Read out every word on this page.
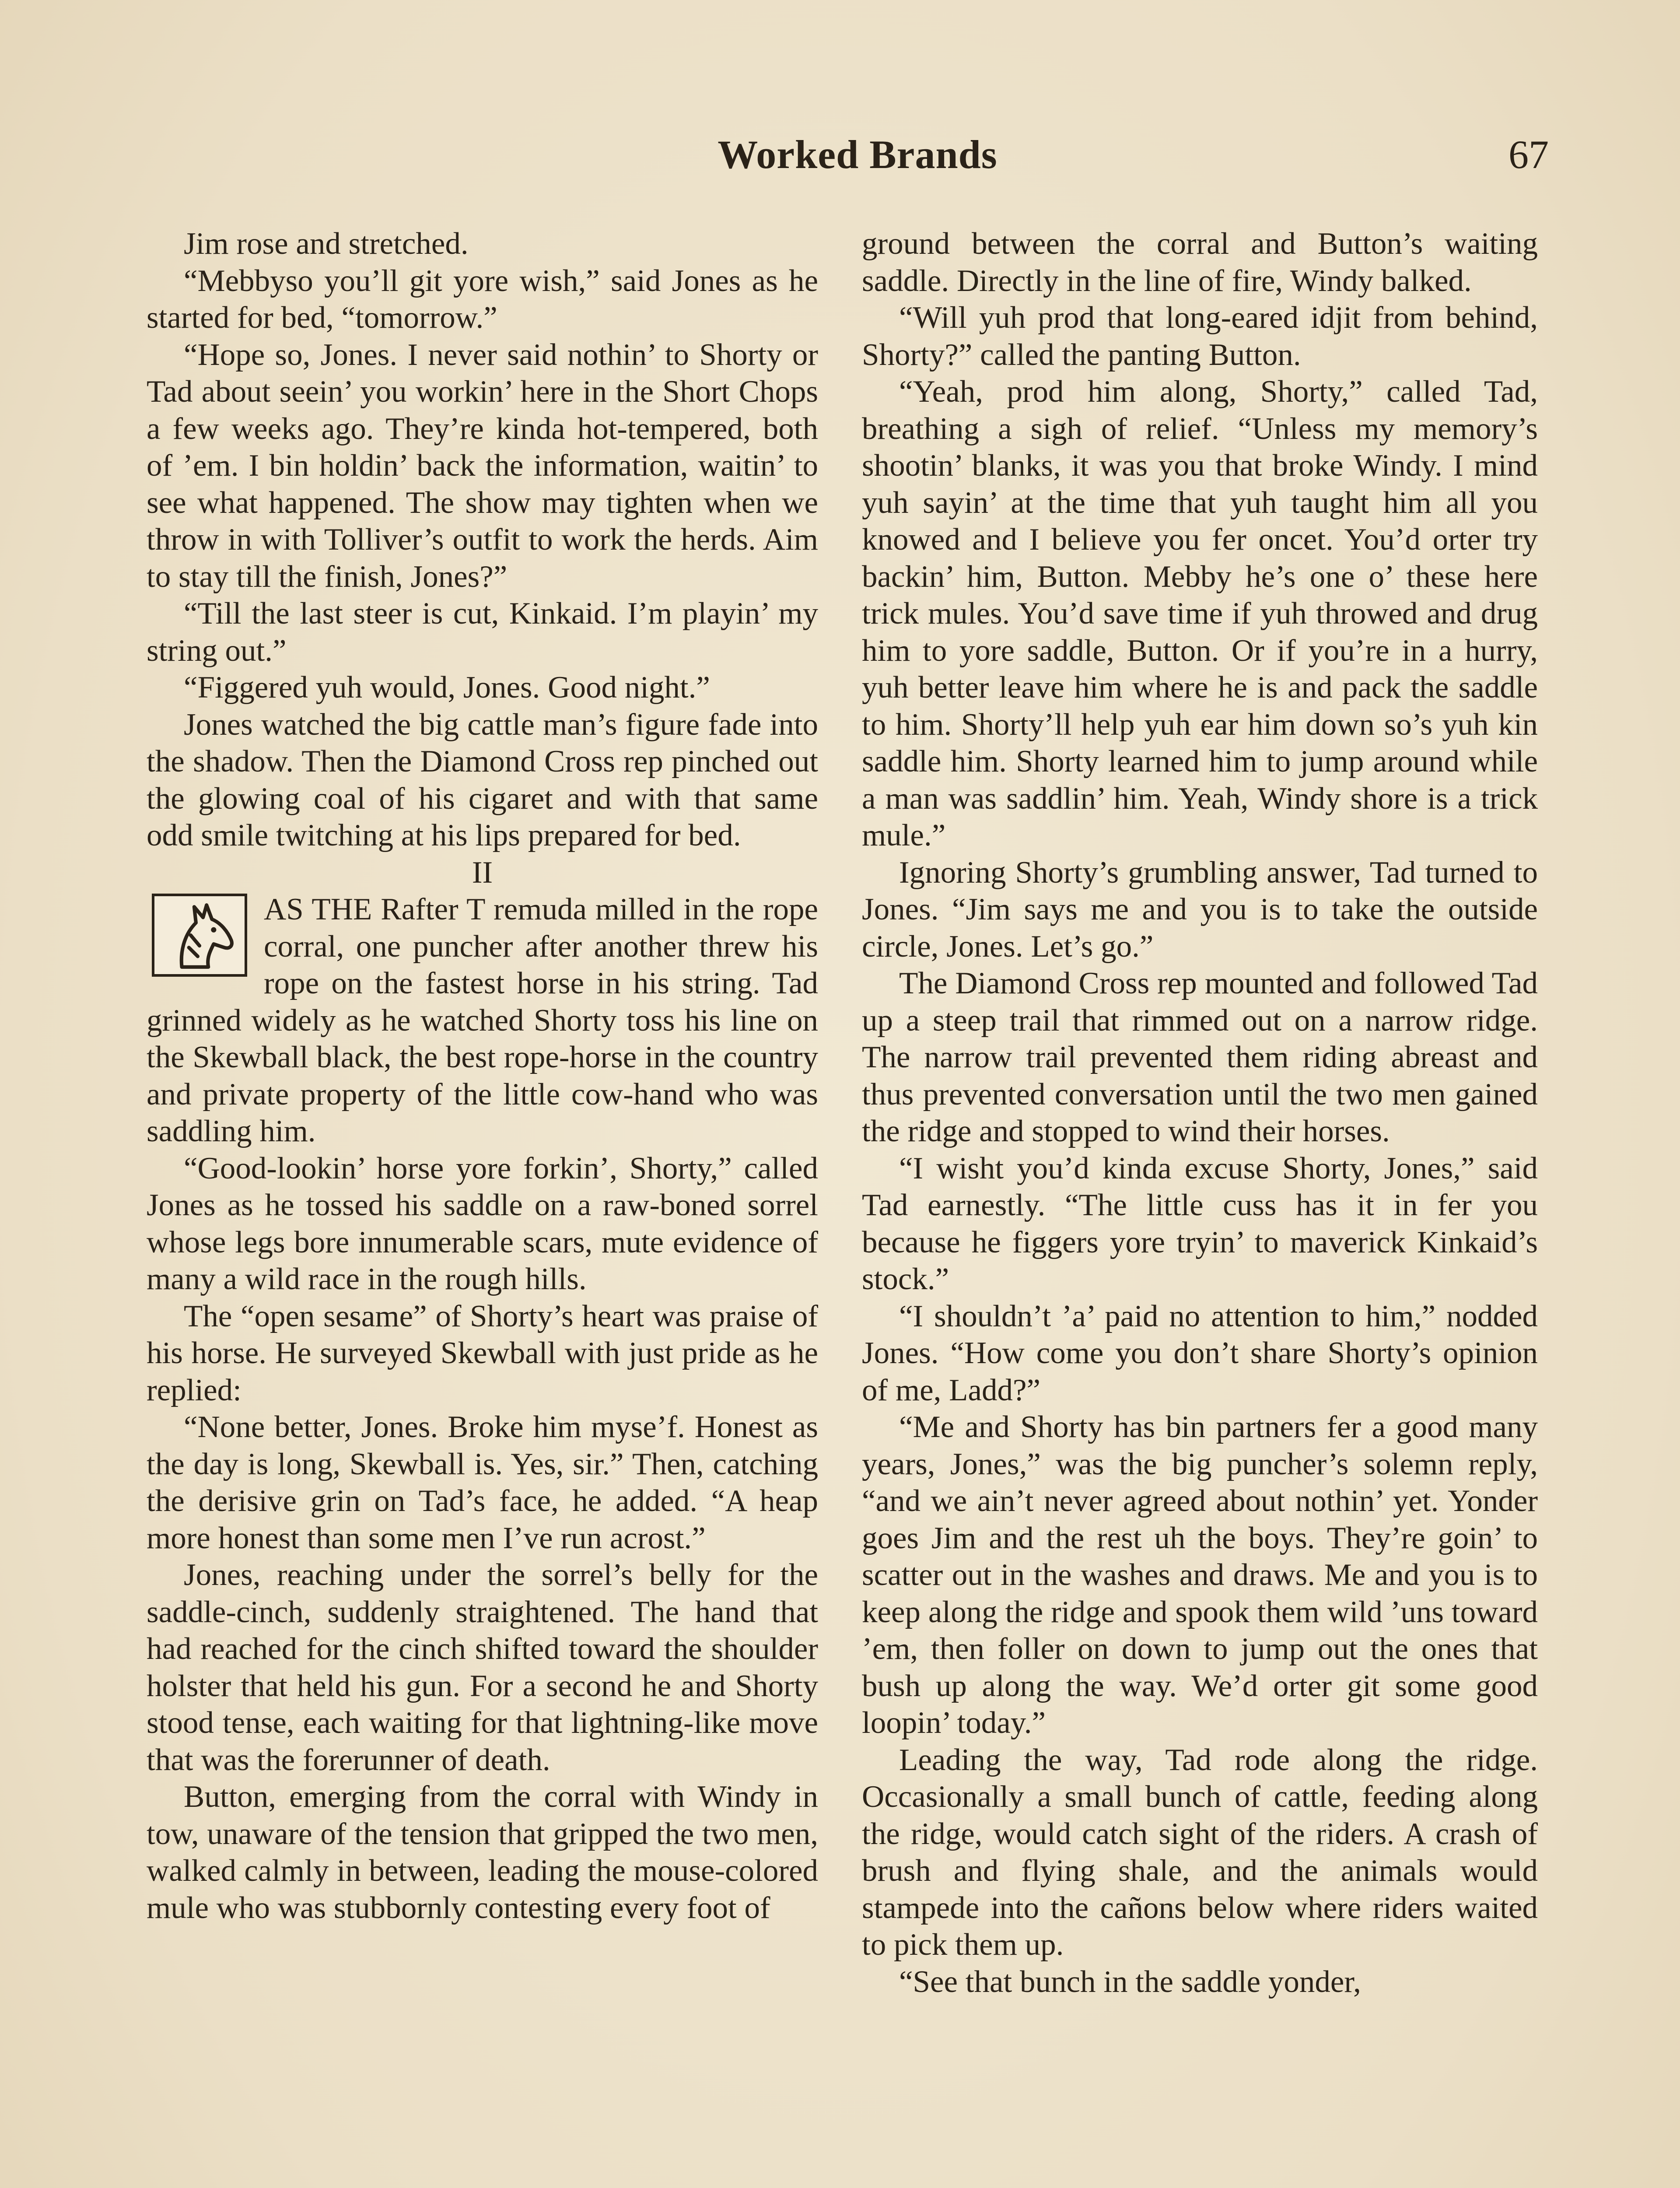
Worked Brands	67

Jim rose and stretched.

“Mebbyso you’ll git yore wish,” said Jones as he started for bed, “tomorrow.”

“Hope so, Jones. I never said nothin’ to Shorty or Tad about seein’ you workin’ here in the Short Chops a few weeks ago. They’re kinda hot-tempered, both of ’em. I bin holdin’ back the information, waitin’ to see what happened. The show may tighten when we throw in with Tolliver’s outfit to work the herds. Aim to stay till the finish, Jones?”

“Till the last steer is cut, Kinkaid. I’m playin’ my string out.”

“Figgered yuh would, Jones. Good night.”

Jones watched the big cattle man’s figure fade into the shadow. Then the Diamond Cross rep pinched out the glowing coal of his cigaret and with that same odd smile twitching at his lips prepared for bed.

II

AS THE Rafter T remuda milled in the rope corral, one puncher after another threw his rope on the fastest horse in his string. Tad grinned widely as he watched Shorty toss his line on the Skewball black, the best rope-horse in the country and private property of the little cow-hand who was saddling him.

“Good-lookin’ horse yore forkin’, Shorty,” called Jones as he tossed his saddle on a raw-boned sorrel whose legs bore innumerable scars, mute evidence of many a wild race in the rough hills.

The “open sesame” of Shorty’s heart was praise of his horse. He surveyed Skewball with just pride as he replied:

“None better, Jones. Broke him myse’f. Honest as the day is long, Skewball is. Yes, sir.” Then, catching the derisive grin on Tad’s face, he added. “A heap more honest than some men I’ve run acrost.”

Jones, reaching under the sorrel’s belly for the saddle-cinch, suddenly straightened. The hand that had reached for the cinch shifted toward the shoulder holster that held his gun. For a second he and Shorty stood tense, each waiting for that lightning-like move that was the forerunner of death.

Button, emerging from the corral with Windy in tow, unaware of the tension that gripped the two men, walked calmly in between, leading the mouse-colored mule who was stubbornly contesting every foot of

ground between the corral and Button’s waiting saddle. Directly in the line of fire, Windy balked.

“Will yuh prod that long-eared idjit from behind, Shorty?” called the panting Button.

“Yeah, prod him along, Shorty,” called Tad, breathing a sigh of relief. “Unless my memory’s shootin’ blanks, it was you that broke Windy. I mind yuh sayin’ at the time that yuh taught him all you knowed and I believe you fer oncet. You’d orter try backin’ him, Button. Mebby he’s one o’ these here trick mules. You’d save time if yuh throwed and drug him to yore saddle, Button. Or if you’re in a hurry, yuh better leave him where he is and pack the saddle to him. Shorty’ll help yuh ear him down so’s yuh kin saddle him. Shorty learned him to jump around while a man was saddlin’ him. Yeah, Windy shore is a trick mule.”

Ignoring Shorty’s grumbling answer, Tad turned to Jones. “Jim says me and you is to take the outside circle, Jones. Let’s go.”

The Diamond Cross rep mounted and followed Tad up a steep trail that rimmed out on a narrow ridge. The narrow trail prevented them riding abreast and thus prevented conversation until the two men gained the ridge and stopped to wind their horses.

“I wisht you’d kinda excuse Shorty, Jones,” said Tad earnestly. “The little cuss has it in fer you because he figgers yore tryin’ to maverick Kinkaid’s stock.”

“I shouldn’t ’a’ paid no attention to him,” nodded Jones. “How come you don’t share Shorty’s opinion of me, Ladd?”

“Me and Shorty has bin partners fer a good many years, Jones,” was the big puncher’s solemn reply, “and we ain’t never agreed about nothin’ yet. Yonder goes Jim and the rest uh the boys. They’re goin’ to scatter out in the washes and draws. Me and you is to keep along the ridge and spook them wild ’uns toward ’em, then foller on down to jump out the ones that bush up along the way. We’d orter git some good loopin’ today.”

Leading the way, Tad rode along the ridge. Occasionally a small bunch of cattle, feeding along the ridge, would catch sight of the riders. A crash of brush and flying shale, and the animals would stampede into the cañons below where riders waited to pick them up.

“See that bunch in the saddle yonder,
